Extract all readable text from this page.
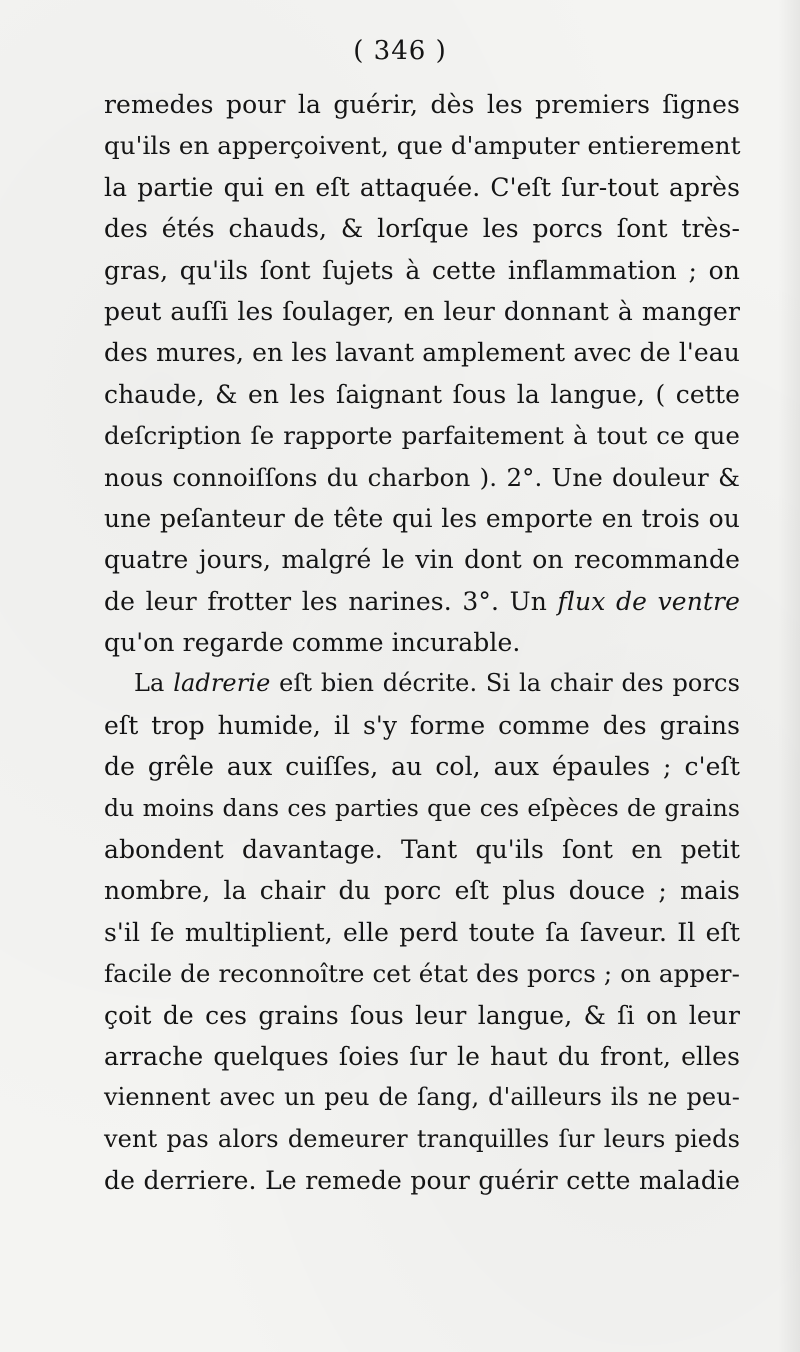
( 346 )
remedes pour la guérir, dès les premiers ſignes
qu'ils en apperçoivent, que d'amputer entierement
la partie qui en eſt attaquée. C'eſt ſur-tout après
des étés chauds, & lorſque les porcs ſont très-
gras, qu'ils ſont ſujets à cette inflammation ; on
peut auſſi les ſoulager, en leur donnant à manger
des mures, en les lavant amplement avec de l'eau
chaude, & en les ſaignant ſous la langue, ( cette
deſcription ſe rapporte parfaitement à tout ce que
nous connoiſſons du charbon ). 2°. Une douleur &
une peſanteur de tête qui les emporte en trois ou
quatre jours, malgré le vin dont on recommande
de leur frotter les narines. 3°. Un flux de ventre
qu'on regarde comme incurable.
La ladrerie eſt bien décrite. Si la chair des porcs
eſt trop humide, il s'y forme comme des grains
de grêle aux cuiſſes, au col, aux épaules ; c'eſt
du moins dans ces parties que ces eſpèces de grains
abondent davantage. Tant qu'ils ſont en petit
nombre, la chair du porc eſt plus douce ; mais
s'il ſe multiplient, elle perd toute ſa ſaveur. Il eſt
facile de reconnoître cet état des porcs ; on apper-
çoit de ces grains ſous leur langue, & ſi on leur
arrache quelques ſoies ſur le haut du front, elles
viennent avec un peu de ſang, d'ailleurs ils ne peu-
vent pas alors demeurer tranquilles ſur leurs pieds
de derriere. Le remede pour guérir cette maladie
